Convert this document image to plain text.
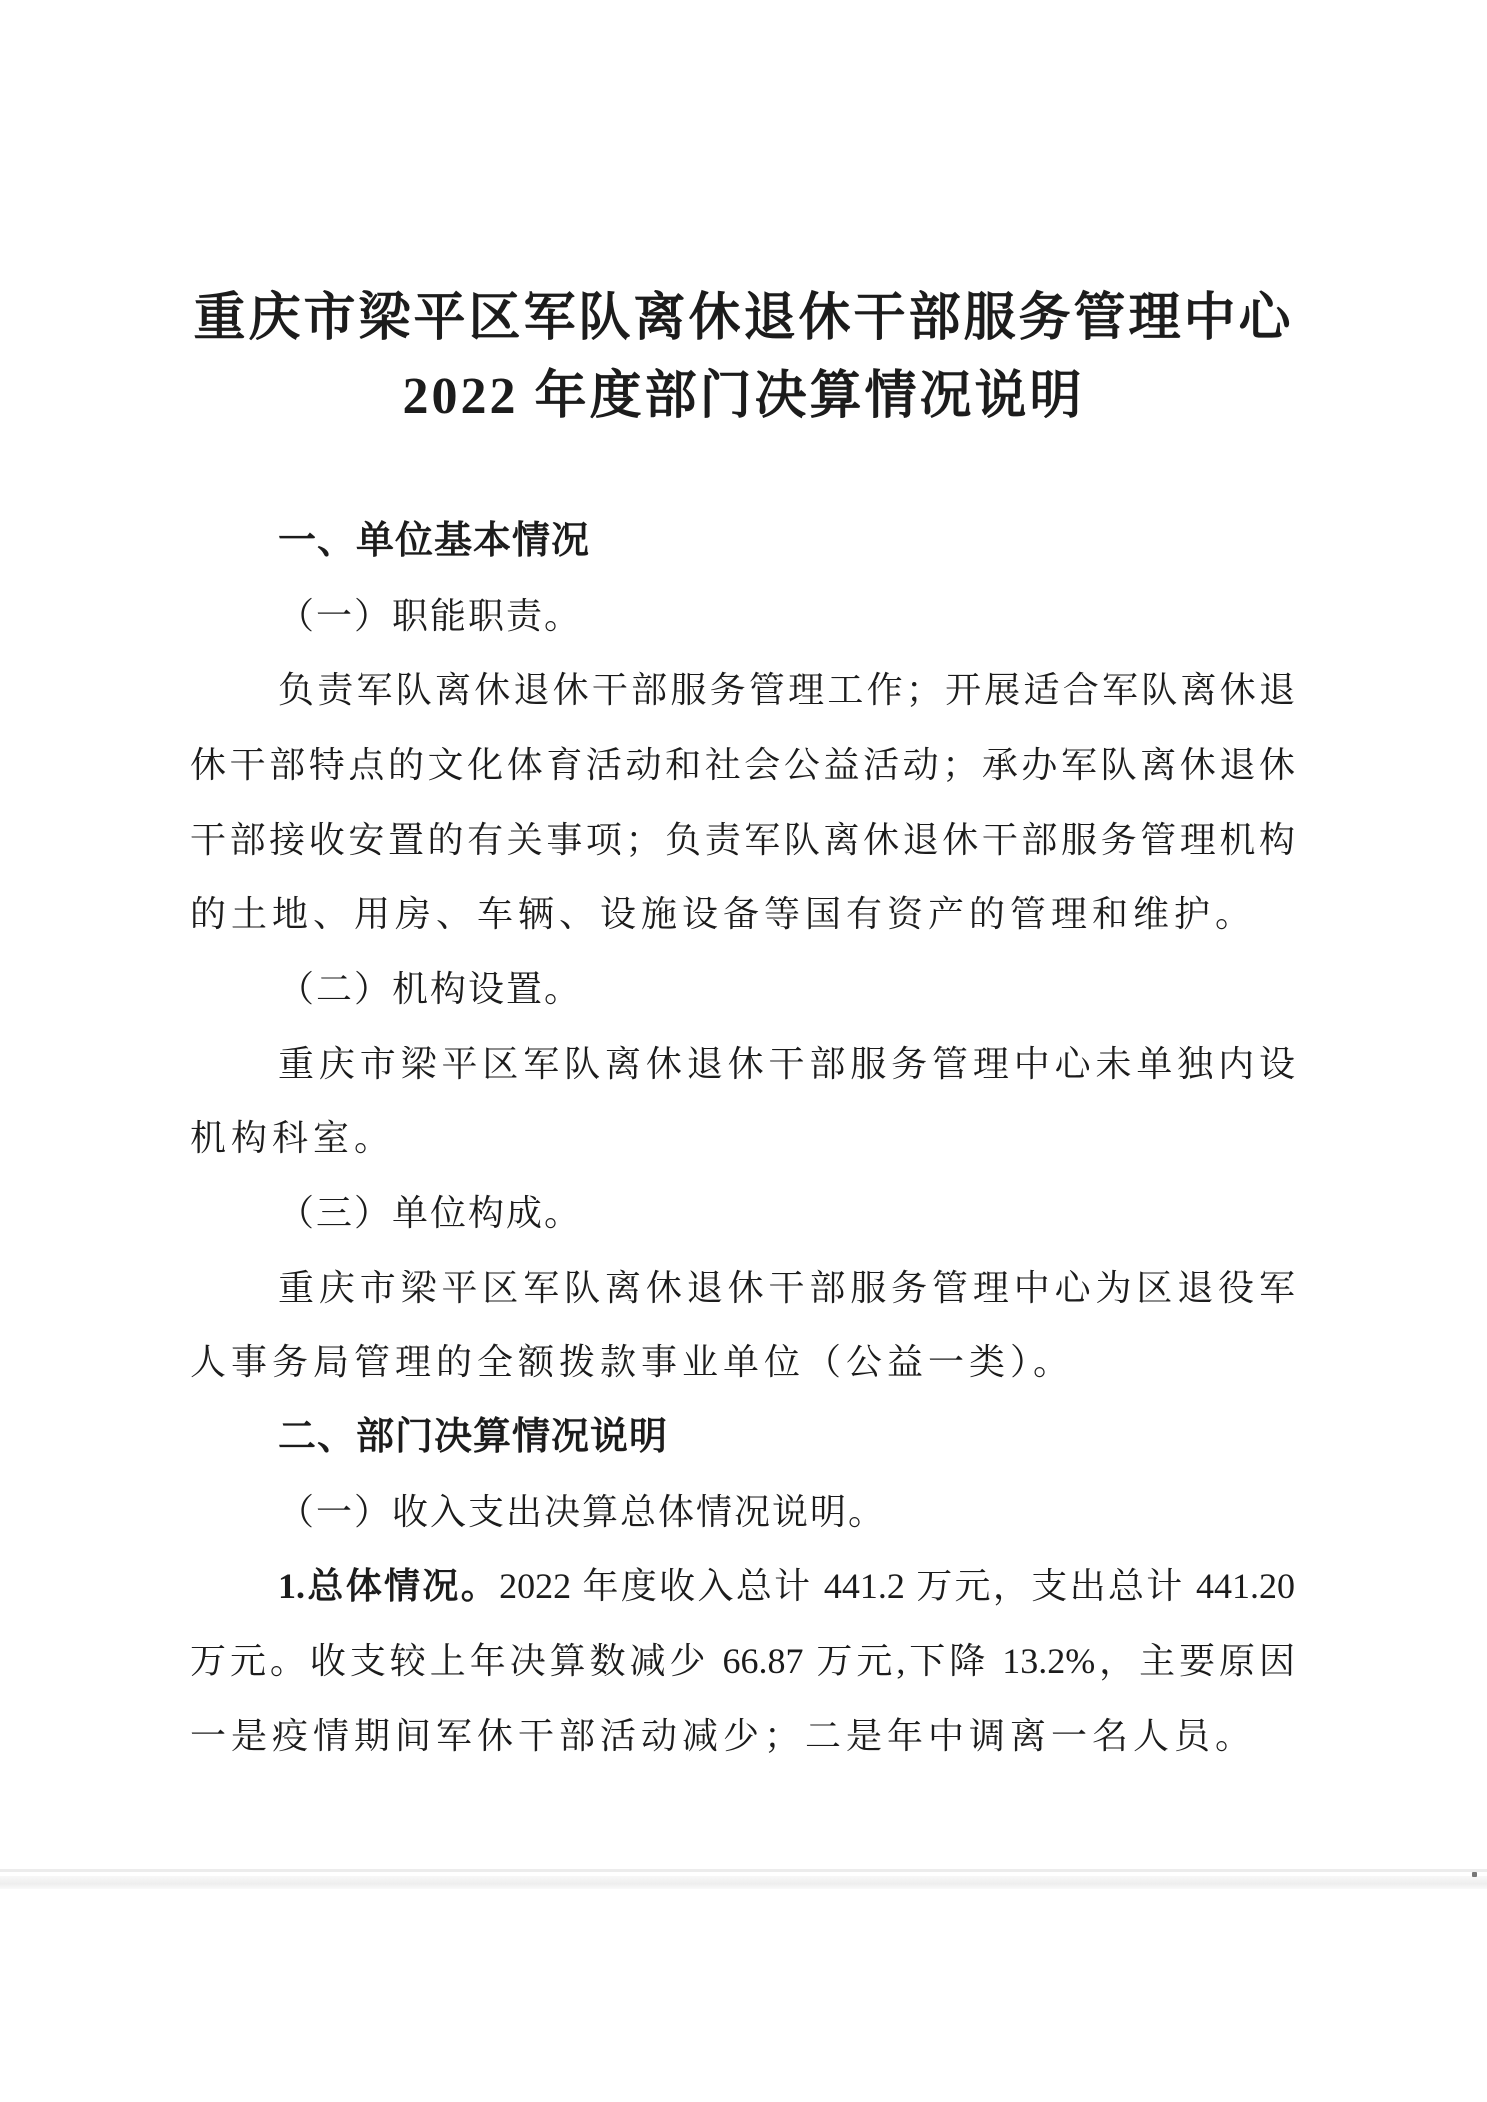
重庆市梁平区军队离休退休干部服务管理中心
2022 年度部门决算情况说明
一、单位基本情况
（一）职能职责。
负责军队离休退休干部服务管理工作；开展适合军队离休退
休干部特点的文化体育活动和社会公益活动；承办军队离休退休
干部接收安置的有关事项；负责军队离休退休干部服务管理机构
的土地、用房、车辆、设施设备等国有资产的管理和维护。
（二）机构设置。
重庆市梁平区军队离休退休干部服务管理中心未单独内设
机构科室。
（三）单位构成。
重庆市梁平区军队离休退休干部服务管理中心为区退役军
人事务局管理的全额拨款事业单位（公益一类）。
二、部门决算情况说明
（一）收入支出决算总体情况说明。
1.总体情况。2022 年度收入总计 441.2 万元，支出总计 441.20
万元。收支较上年决算数减少 66.87 万元,下降 13.2%，主要原因
一是疫情期间军休干部活动减少；二是年中调离一名人员。
